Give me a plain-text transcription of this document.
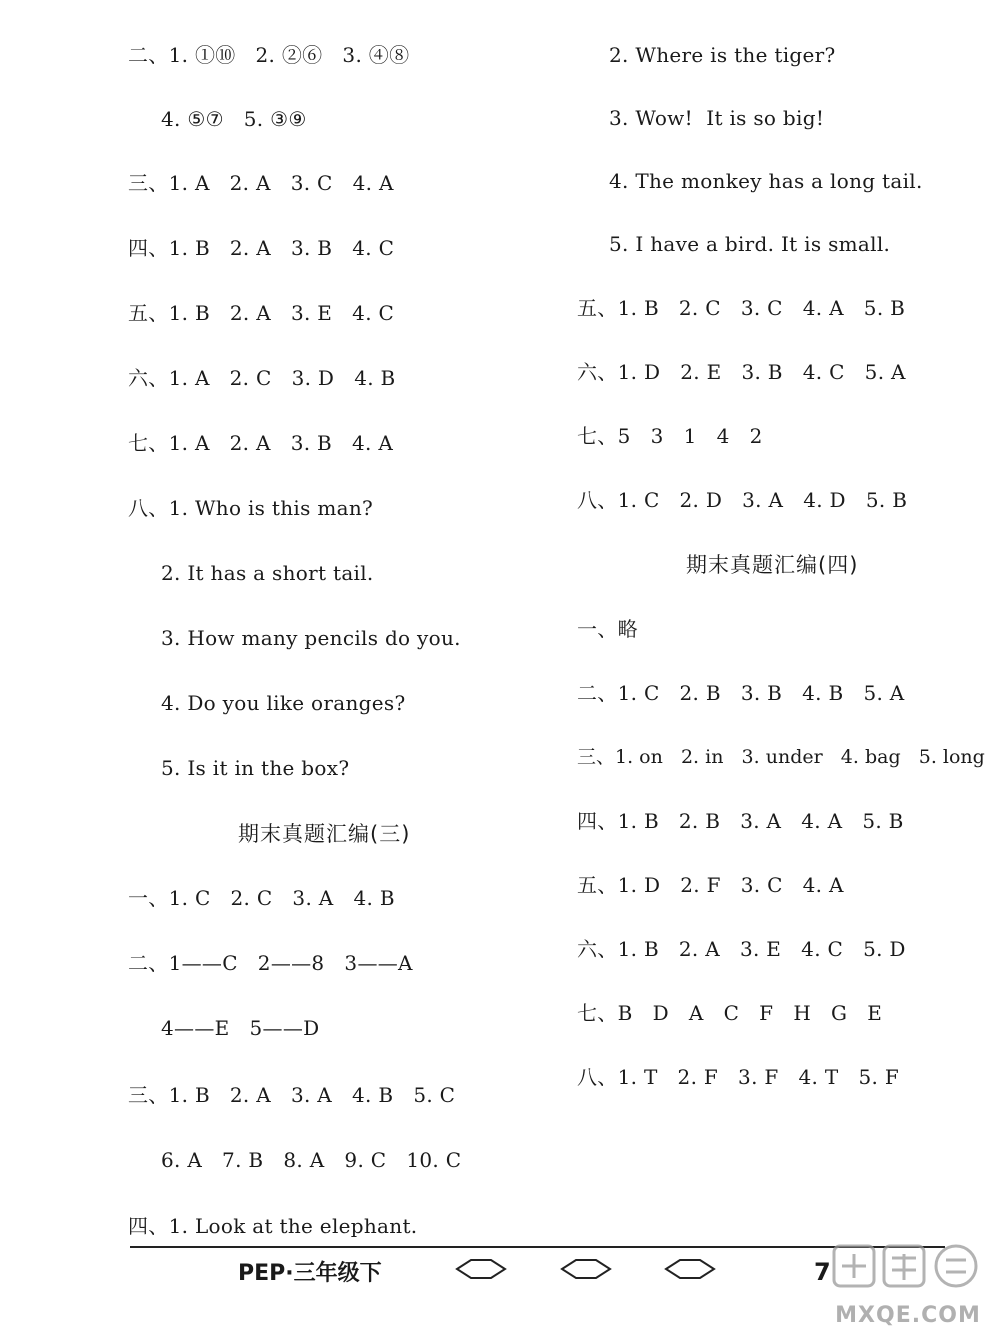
二、1. ①⑩   2. ②⑥   3. ④⑧
4. ⑤⑦   5. ③⑨
三、1. A   2. A   3. C   4. A
四、1. B   2. A   3. B   4. C
五、1. B   2. A   3. E   4. C
六、1. A   2. C   3. D   4. B
七、1. A   2. A   3. B   4. A
八、1. Who is this man?
2. It has a short tail.
3. How many pencils do you.
4. Do you like oranges?
5. Is it in the box?
期末真题汇编(三)
一、1. C   2. C   3. A   4. B
二、1——C   2——8   3——A
4——E   5——D
三、1. B   2. A   3. A   4. B   5. C
6. A   7. B   8. A   9. C   10. C
四、1. Look at the elephant.
2. Where is the tiger?
3. Wow!  It is so big!
4. The monkey has a long tail.
5. I have a bird. It is small.
五、1. B   2. C   3. C   4. A   5. B
六、1. D   2. E   3. B   4. C   5. A
七、5   3   1   4   2
八、1. C   2. D   3. A   4. D   5. B
期末真题汇编(四)
一、略
二、1. C   2. B   3. B   4. B   5. A
三、1. on   2. in   3. under   4. bag   5. long
四、1. B   2. B   3. A   4. A   5. B
五、1. D   2. F   3. C   4. A
六、1. B   2. A   3. E   4. C   5. D
七、B   D   A   C   F   H   G   E
八、1. T   2. F   3. F   4. T   5. F
PEP·三年级下	7
MXQE.COM
